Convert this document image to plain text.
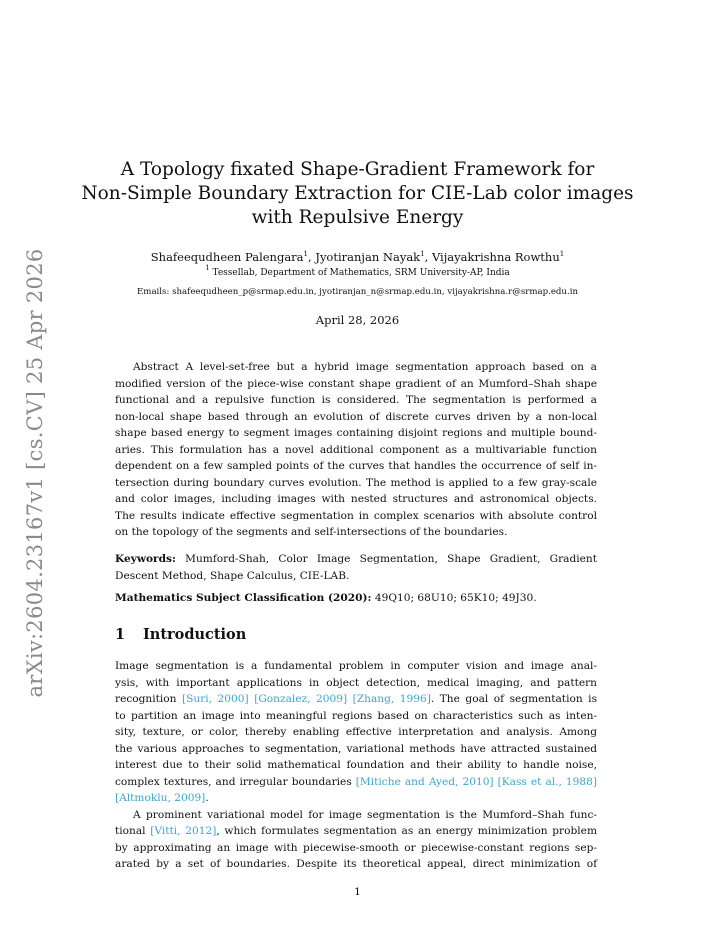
arXiv:2604.23167v1 [cs.CV] 25 Apr 2026
A Topology fixated Shape-Gradient Framework for
Non-Simple Boundary Extraction for CIE-Lab color images
with Repulsive Energy
Shafeequdheen Palengara$^1$, Jyotiranjan Nayak$^1$, Vijayakrishna Rowthu$^1$
$^1$ Tessellab, Department of Mathematics, SRM University-AP, India
Emails: shafeequdheen_p@srmap.edu.in, jyotiranjan_n@srmap.edu.in, vijayakrishna.r@srmap.edu.in
April 28, 2026
Abstract A level-set-free but a hybrid image segmentation approach based on a
modified version of the piece-wise constant shape gradient of an Mumford–Shah shape
functional and a repulsive function is considered. The segmentation is performed a
non-local shape based through an evolution of discrete curves driven by a non-local
shape based energy to segment images containing disjoint regions and multiple bound-
aries. This formulation has a novel additional component as a multivariable function
dependent on a few sampled points of the curves that handles the occurrence of self in-
tersection during boundary curves evolution. The method is applied to a few gray-scale
and color images, including images with nested structures and astronomical objects.
The results indicate effective segmentation in complex scenarios with absolute control
on the topology of the segments and self-intersections of the boundaries.
Keywords: Mumford-Shah, Color Image Segmentation, Shape Gradient, Gradient
Descent Method, Shape Calculus, CIE-LAB.
Mathematics Subject Classification (2020): 49Q10; 68U10; 65K10; 49J30.
1 Introduction
Image segmentation is a fundamental problem in computer vision and image anal-
ysis, with important applications in object detection, medical imaging, and pattern
recognition [Suri, 2000] [Gonzalez, 2009] [Zhang, 1996]. The goal of segmentation is
to partition an image into meaningful regions based on characteristics such as inten-
sity, texture, or color, thereby enabling effective interpretation and analysis. Among
the various approaches to segmentation, variational methods have attracted sustained
interest due to their solid mathematical foundation and their ability to handle noise,
complex textures, and irregular boundaries [Mitiche and Ayed, 2010] [Kass et al., 1988]
[Altmoklu, 2009].
A prominent variational model for image segmentation is the Mumford–Shah func-
tional [Vitti, 2012], which formulates segmentation as an energy minimization problem
by approximating an image with piecewise-smooth or piecewise-constant regions sep-
arated by a set of boundaries. Despite its theoretical appeal, direct minimization of
1
